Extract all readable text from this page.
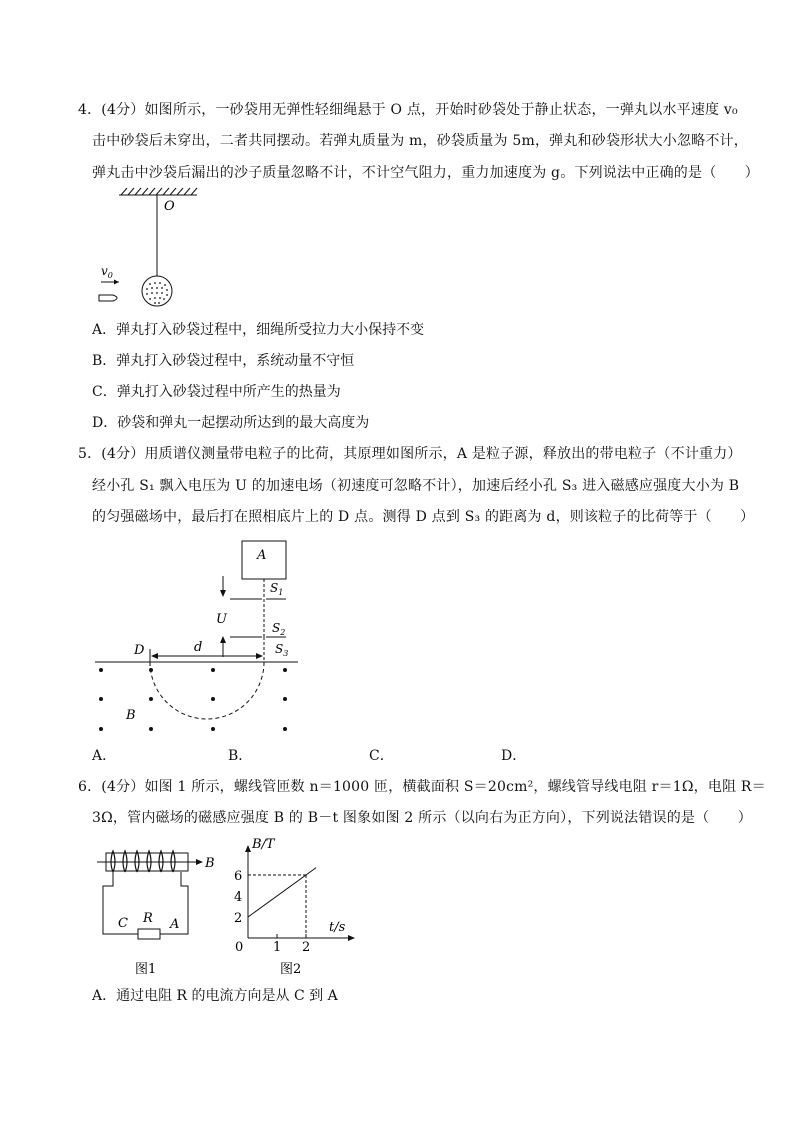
4．(4分）如图所示，一砂袋用无弹性轻细绳悬于 O 点，开始时砂袋处于静止状态，一弹丸以水平速度 v₀
击中砂袋后未穿出，二者共同摆动。若弹丸质量为 m，砂袋质量为 5m，弹丸和砂袋形状大小忽略不计，
弹丸击中沙袋后漏出的沙子质量忽略不计，不计空气阻力，重力加速度为 g。下列说法中正确的是（　　）
O
$v_0$
A．弹丸打入砂袋过程中，细绳所受拉力大小保持不变
B．弹丸打入砂袋过程中，系统动量不守恒
C．弹丸打入砂袋过程中所产生的热量为
D．砂袋和弹丸一起摆动所达到的最大高度为
5．(4分）用质谱仪测量带电粒子的比荷，其原理如图所示，A 是粒子源，释放出的带电粒子（不计重力）
经小孔 S₁ 飘入电压为 U 的加速电场（初速度可忽略不计），加速后经小孔 S₃ 进入磁感应强度大小为 B
的匀强磁场中，最后打在照相底片上的 D 点。测得 D 点到 S₃ 的距离为 d，则该粒子的比荷等于（　　）
A
$S_1$
U
$S_2$
$S_3$
D	d
B
A．	B．	C．	D．
6．(4分）如图 1 所示，螺线管匝数 n＝1000 匝，横截面积 S＝20cm²，螺线管导线电阻 r＝1Ω，电阻 R＝
3Ω，管内磁场的磁感应强度 B 的 B－t 图象如图 2 所示（以向右为正方向），下列说法错误的是（　　）
B
R
C	A
图1
B/T
t/s
0 1 2
2
4
6
图2
A．通过电阻 R 的电流方向是从 C 到 A
